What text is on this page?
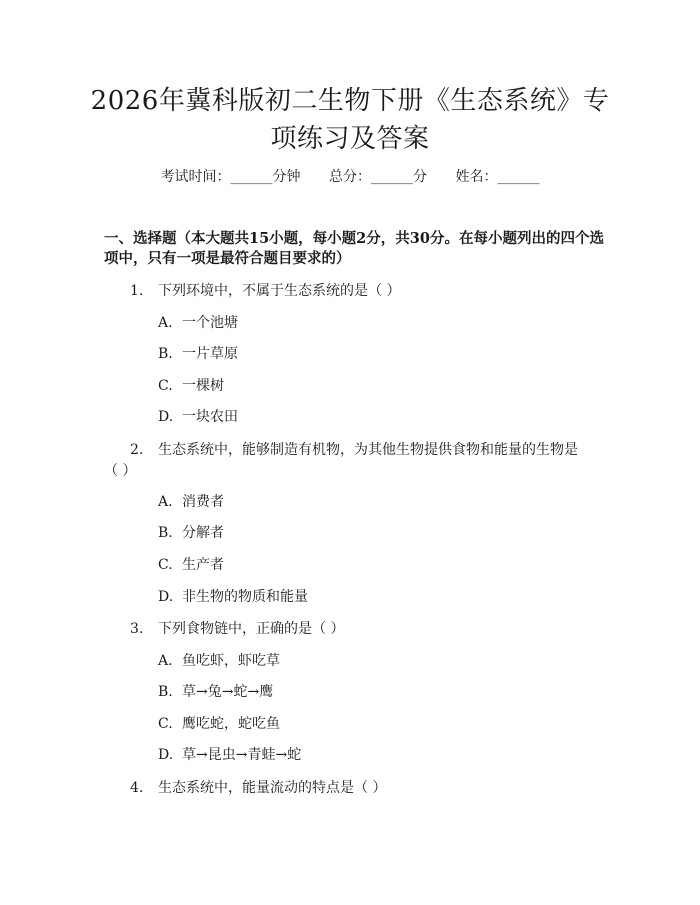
2026年冀科版初二生物下册《生态系统》专项练习及答案
考试时间：______分钟 总分：______分 姓名：______
一、选择题（本大题共15小题，每小题2分，共30分。在每小题列出的四个选项中，只有一项是最符合题目要求的）
1. 下列环境中，不属于生态系统的是（ ）
A. 一个池塘
B. 一片草原
C. 一棵树
D. 一块农田
2. 生态系统中，能够制造有机物，为其他生物提供食物和能量的生物是
（ ）
A. 消费者
B. 分解者
C. 生产者
D. 非生物的物质和能量
3. 下列食物链中，正确的是（ ）
A. 鱼吃虾，虾吃草
B. 草→兔→蛇→鹰
C. 鹰吃蛇，蛇吃鱼
D. 草→昆虫→青蛙→蛇
4. 生态系统中，能量流动的特点是（ ）
